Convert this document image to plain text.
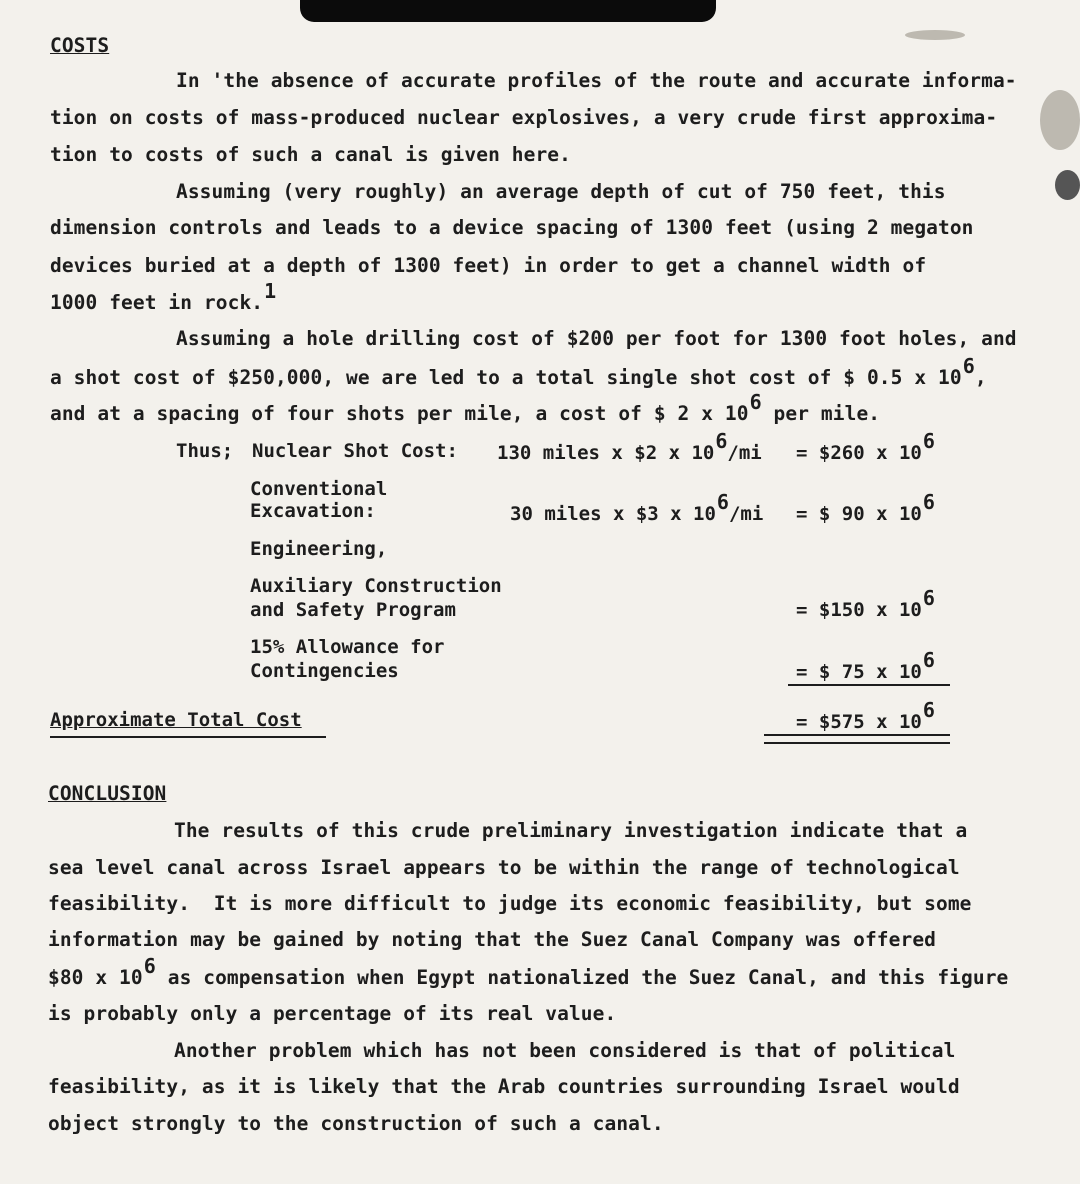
COSTS
In 'the absence of accurate profiles of the route and accurate informa-
tion on costs of mass-produced nuclear explosives, a very crude first approxima-
tion to costs of such a canal is given here.
Assuming (very roughly) an average depth of cut of 750 feet, this
dimension controls and leads to a device spacing of 1300 feet (using 2 megaton
devices buried at a depth of 1300 feet) in order to get a channel width of
1000 feet in rock.1
Assuming a hole drilling cost of $200 per foot for 1300 foot holes, and
a shot cost of $250,000, we are led to a total single shot cost of $ 0.5 x 106,
and at a spacing of four shots per mile, a cost of $ 2 x 106 per mile.
Thus; Nuclear Shot Cost: 130 miles x $2 x 106/mi = $260 x 106
Conventional
Excavation:	30 miles x $3 x 106/mi = $ 90 x 106
Engineering,
Auxiliary Construction
and Safety Program	= $150 x 106
15% Allowance for
Contingencies	= $ 75 x 106
Approximate Total Cost	= $575 x 106
CONCLUSION
The results of this crude preliminary investigation indicate that a
sea level canal across Israel appears to be within the range of technological
feasibility.  It is more difficult to judge its economic feasibility, but some
information may be gained by noting that the Suez Canal Company was offered
$80 x 106 as compensation when Egypt nationalized the Suez Canal, and this figure
is probably only a percentage of its real value.
Another problem which has not been considered is that of political
feasibility, as it is likely that the Arab countries surrounding Israel would
object strongly to the construction of such a canal.
